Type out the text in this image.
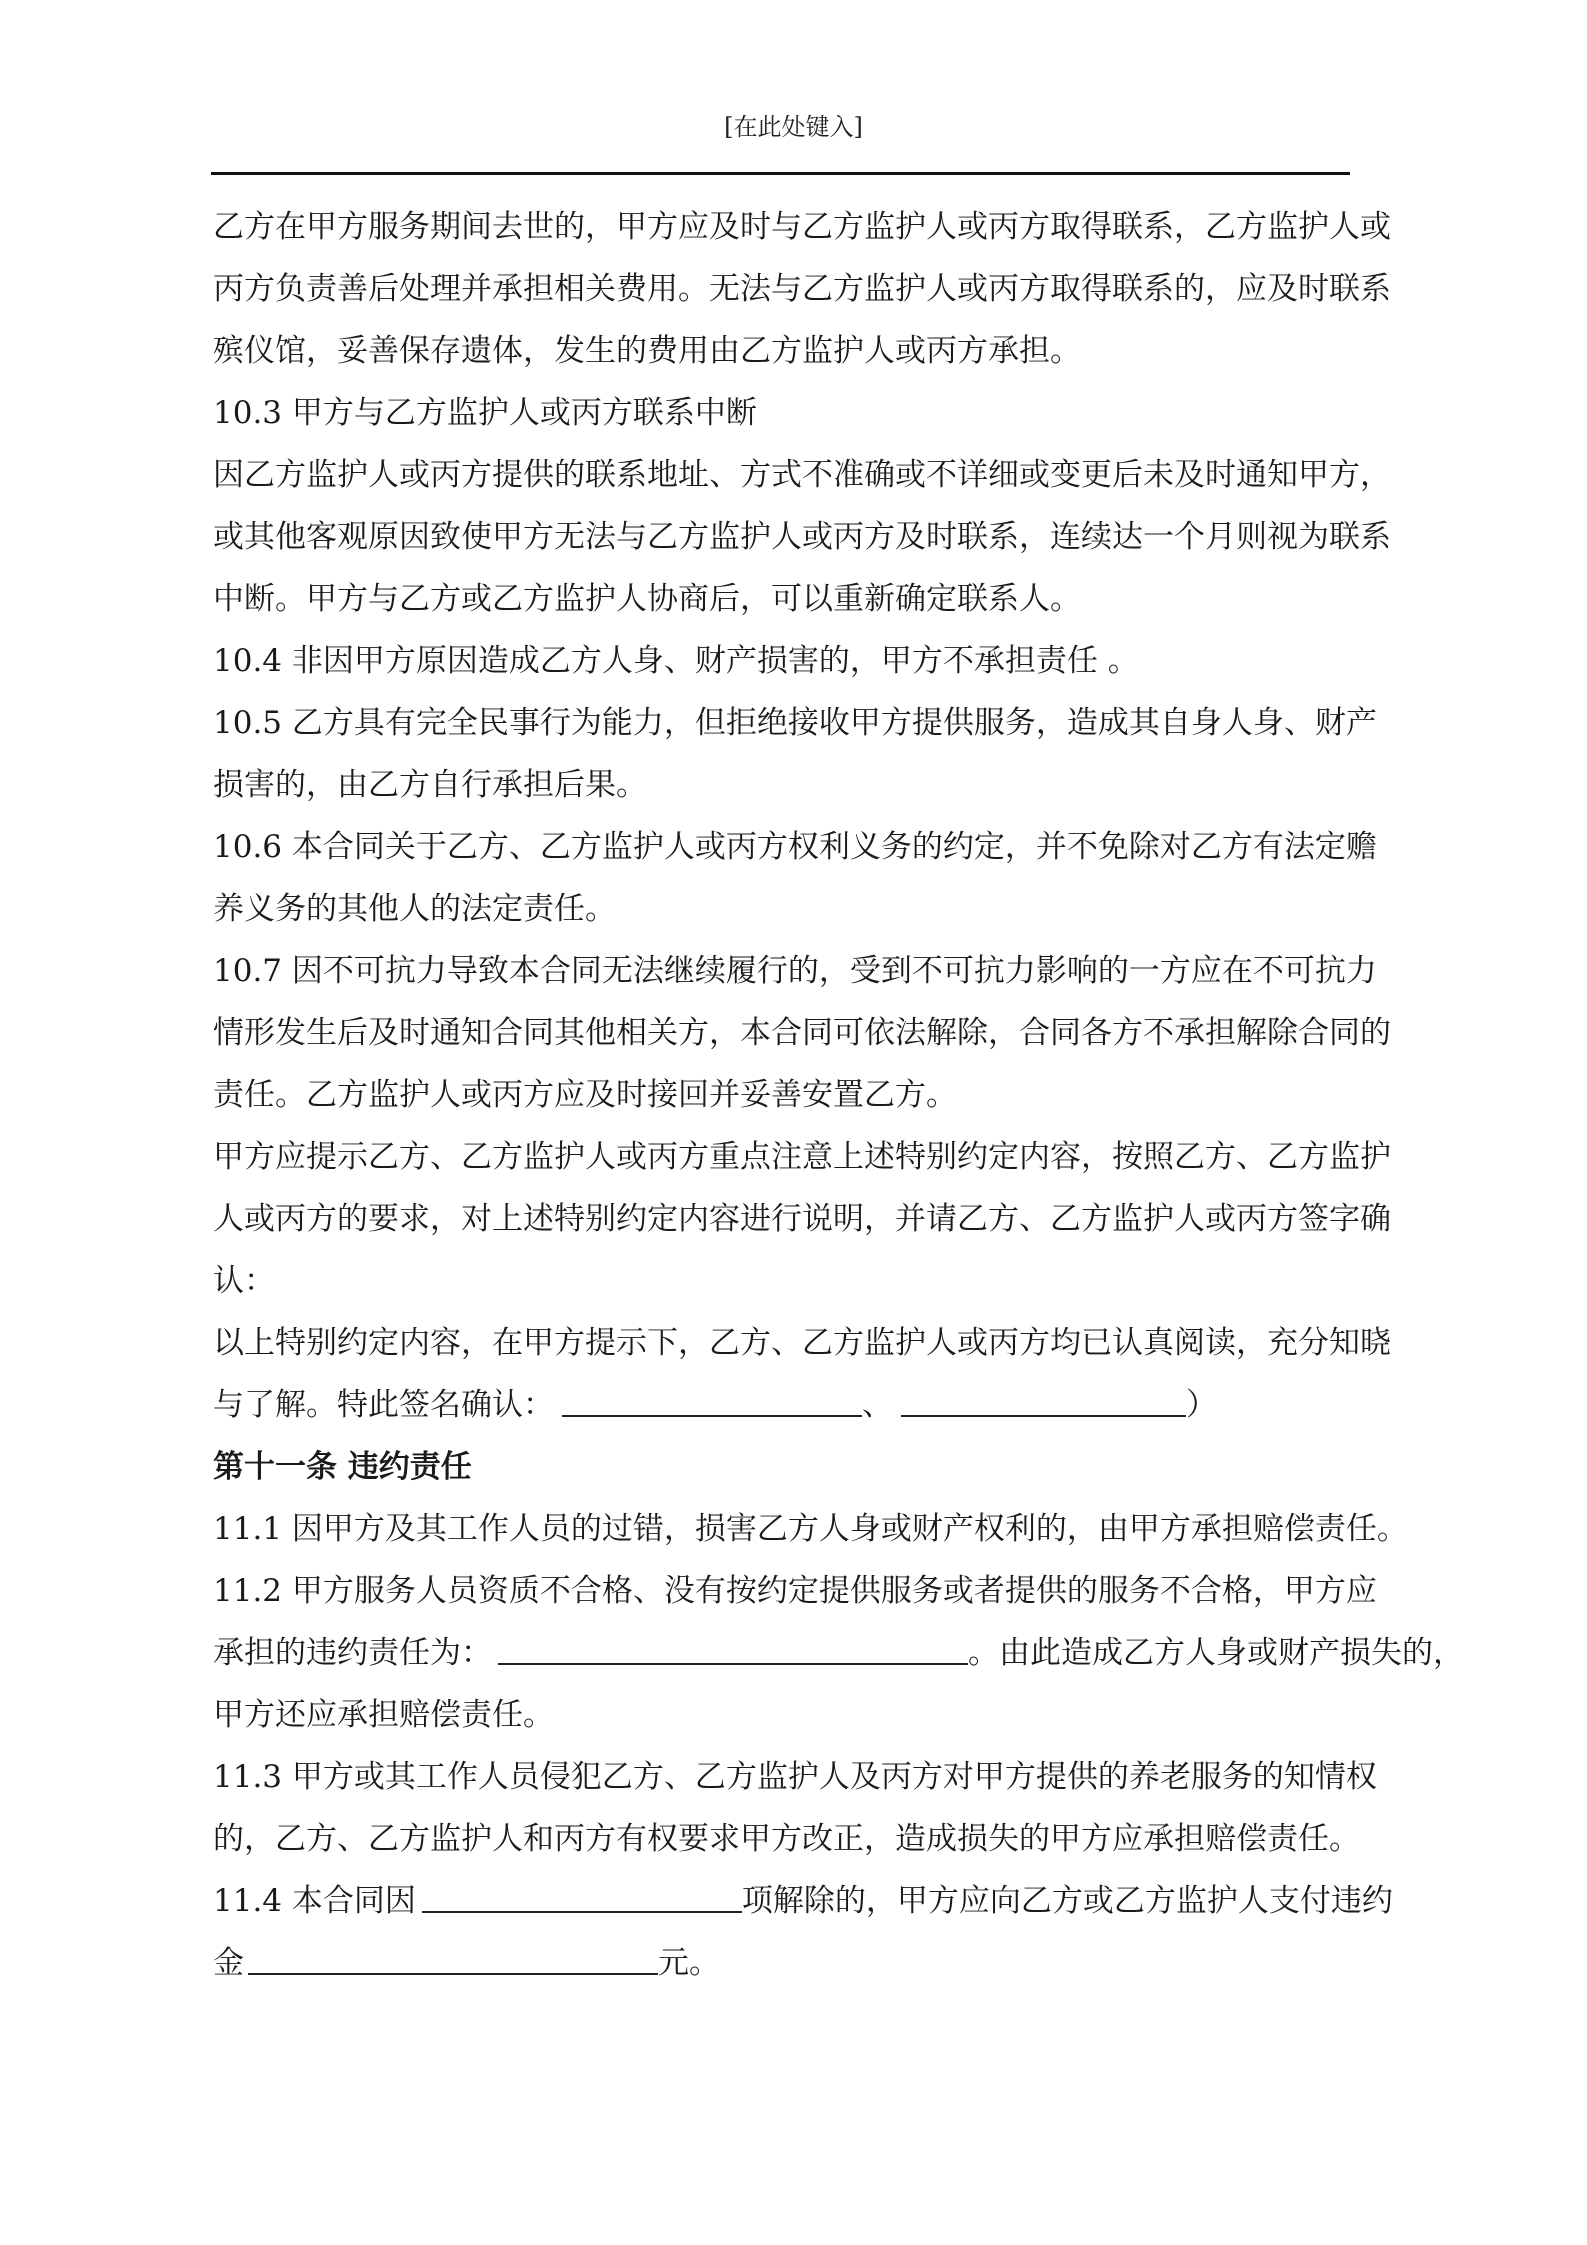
[在此处键入]
乙方在甲方服务期间去世的，甲方应及时与乙方监护人或丙方取得联系，乙方监护人或
丙方负责善后处理并承担相关费用。无法与乙方监护人或丙方取得联系的，应及时联系
殡仪馆，妥善保存遗体，发生的费用由乙方监护人或丙方承担。
10.3 甲方与乙方监护人或丙方联系中断
因乙方监护人或丙方提供的联系地址、方式不准确或不详细或变更后未及时通知甲方，
或其他客观原因致使甲方无法与乙方监护人或丙方及时联系，连续达一个月则视为联系
中断。甲方与乙方或乙方监护人协商后，可以重新确定联系人。
10.4 非因甲方原因造成乙方人身、财产损害的，甲方不承担责任 。
10.5 乙方具有完全民事行为能力，但拒绝接收甲方提供服务，造成其自身人身、财产
损害的，由乙方自行承担后果。
10.6 本合同关于乙方、乙方监护人或丙方权利义务的约定，并不免除对乙方有法定赡
养义务的其他人的法定责任。
10.7 因不可抗力导致本合同无法继续履行的，受到不可抗力影响的一方应在不可抗力
情形发生后及时通知合同其他相关方，本合同可依法解除，合同各方不承担解除合同的
责任。乙方监护人或丙方应及时接回并妥善安置乙方。
甲方应提示乙方、乙方监护人或丙方重点注意上述特别约定内容，按照乙方、乙方监护
人或丙方的要求，对上述特别约定内容进行说明，并请乙方、乙方监护人或丙方签字确
认：
以上特别约定内容，在甲方提示下，乙方、乙方监护人或丙方均已认真阅读，充分知晓
与了解。特此签名确认：	、	）
第十一条 违约责任
11.1 因甲方及其工作人员的过错，损害乙方人身或财产权利的，由甲方承担赔偿责任。
11.2 甲方服务人员资质不合格、没有按约定提供服务或者提供的服务不合格，甲方应
承担的违约责任为：	。由此造成乙方人身或财产损失的，
甲方还应承担赔偿责任。
11.3 甲方或其工作人员侵犯乙方、乙方监护人及丙方对甲方提供的养老服务的知情权
的，乙方、乙方监护人和丙方有权要求甲方改正，造成损失的甲方应承担赔偿责任。
11.4 本合同因	项解除的，甲方应向乙方或乙方监护人支付违约
金	元。
